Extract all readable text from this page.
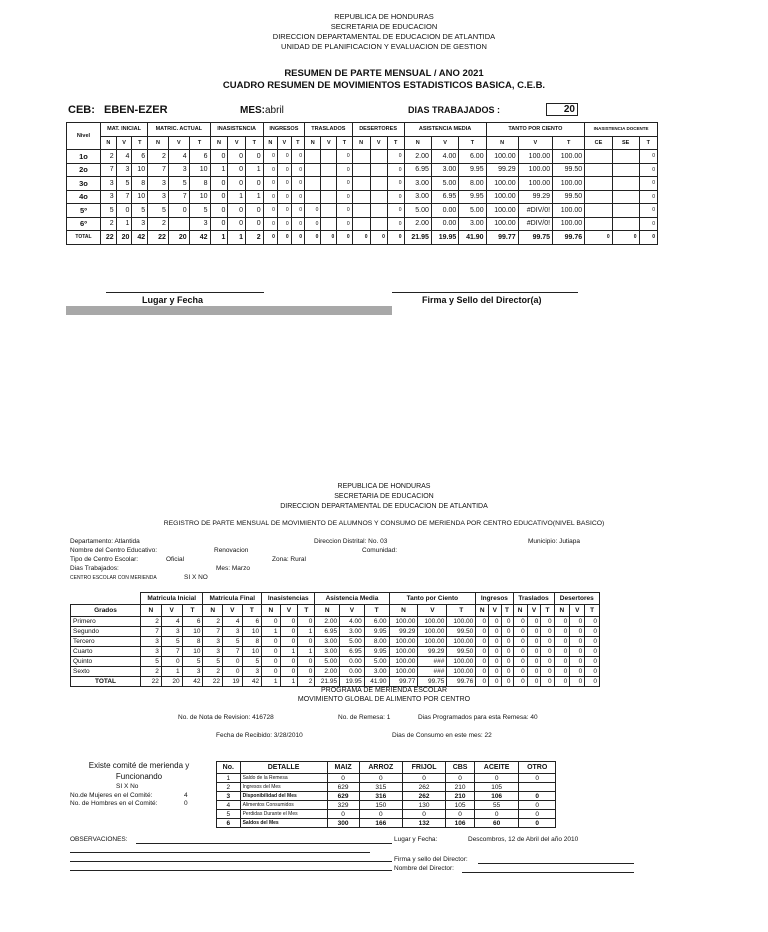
REPUBLICA DE HONDURAS
SECRETARIA DE EDUCACION
DIRECCION DEPARTAMENTAL DE EDUCACION DE ATLANTIDA
UNIDAD DE PLANIFICACION Y EVALUACION DE GESTION
RESUMEN DE PARTE MENSUAL / ANO 2021
CUADRO RESUMEN DE MOVIMIENTOS ESTADISTICOS BASICA, C.E.B.
CEB: EBEN-EZER	MES:abril	DIAS TRABAJADOS :	20
Nivel	MAT. INICIAL			MATRIC. ACTUAL			INASISTENCIA			INGRESOS			TRASLADOS			DESERTORES			ASISTENCIA MEDIA			TANTO POR CIENTO			INASISTENCIA DOCENTE		
	N	V	T	N	V	T	N	V	T	N	V	T	N	V	T	N	V	T	N	V	T	N	V	T	CE	SE	T
1o	2	4	6	2	4	6	0	0	0	0	0	0			0			0	2.00	4.00	6.00	100.00	100.00	100.00			0
2o	7	3	10	7	3	10	1	0	1	0	0	0			0			0	6.95	3.00	9.95	99.29	100.00	99.50			0
3o	3	5	8	3	5	8	0	0	0	0	0	0			0			0	3.00	5.00	8.00	100.00	100.00	100.00			0
4o	3	7	10	3	7	10	0	1	1	0	0	0			0			0	3.00	6.95	9.95	100.00	99.29	99.50			0
5º	5	0	5	5	0	5	0	0	0	0	0	0	0		0			0	5.00	0.00	5.00	100.00	#DIV/0!	100.00			0
6º	2	1	3	2		3	0	0	0	0	0	0	0		0			0	2.00	0.00	3.00	100.00	#DIV/0!	100.00			0
TOTAL	22	20	42	22	20	42	1	1	2	0	0	0	0	0	0	0	0	0	21.95	19.95	41.90	99.77	99.75	99.76	0	0	0
Lugar y Fecha	Firma y Sello del Director(a)
REPUBLICA DE HONDURAS
SECRETARIA DE EDUCACION
DIRECCION DEPARTAMENTAL DE EDUCACION DE ATLANTIDA
REGISTRO DE PARTE MENSUAL DE MOVIMIENTO DE ALUMNOS Y CONSUMO DE MERIENDA POR CENTRO EDUCATIVO(NIVEL BASICO)
Departamento: Atlantida	Direccion Distrital: No. 03	Municipio: Jutiapa
Nombre del Centro Educativo:	Renovacion	Comunidad:
Tipo de Centro Escolar:	Oficial	Zona: Rural
Dias Trabajados:	Mes: Marzo
CENTRO ESCOLAR CON MERIENDA	SI X NO
	Matricula Inicial			Matricula Final			Inasistencias			Asistencia Media			Tanto por Ciento			Ingresos			Traslados			Desertores		
Grados	N	V	T	N	V	T	N	V	T	N	V	T	N	V	T	N	V	T	N	V	T	N	V	T
Primero	2	4	6	2	4	6	0	0	0	2.00	4.00	6.00	100.00	100.00	100.00	0	0	0	0	0	0	0	0	0
Segundo	7	3	10	7	3	10	1	0	1	6.95	3.00	9.95	99.29	100.00	99.50	0	0	0	0	0	0	0	0	0
Tercero	3	5	8	3	5	8	0	0	0	3.00	5.00	8.00	100.00	100.00	100.00	0	0	0	0	0	0	0	0	0
Cuarto	3	7	10	3	7	10	0	1	1	3.00	6.95	9.95	100.00	99.29	99.50	0	0	0	0	0	0	0	0	0
Quinto	5	0	5	5	0	5	0	0	0	5.00	0.00	5.00	100.00	###	100.00	0	0	0	0	0	0	0	0	0
Sexto	2	1	3	2	0	3	0	0	0	2.00	0.00	3.00	100.00	###	100.00	0	0	0	0	0	0	0	0	0
TOTAL	22	20	42	22	19	42	1	1	2	21.95	19.95	41.90	99.77	99.75	99.76	0	0	0	0	0	0	0	0	0
PROGRAMA DE MERIENDA ESCOLAR
MOVIMIENTO GLOBAL DE ALIMENTO POR CENTRO
No. de Nota de Revision: 416728	No. de Remesa: 1	Dias Programados para esta Remesa: 40
Fecha de Recibido: 3/28/2010	Dias de Consumo en este mes: 22
Existe comité de merienda y Funcionando
SI X No
No.de Mujeres en el Comité:	4
No. de Hombres en el Comité:	0
No.	DETALLE	MAIZ	ARROZ	FRIJOL	CBS	ACEITE	OTRO
1	Saldo de la Remesa	0	0	0	0	0	0
2	Ingresos del Mes	629	315	262	210	105	
3	Disponibilidad del Mes	629	316	262	210	106	0
4	Alimentos Consumidos	329	150	130	105	55	0
5	Perdidas Durante el Mes	0	0	0	0	0	0
6	Saldos del Mes	300	166	132	106	60	0
OBSERVACIONES:	Lugar y Fecha:	Descombros, 12 de Abril del año 2010
Firma y sello del Director:
Nombre del Director:
